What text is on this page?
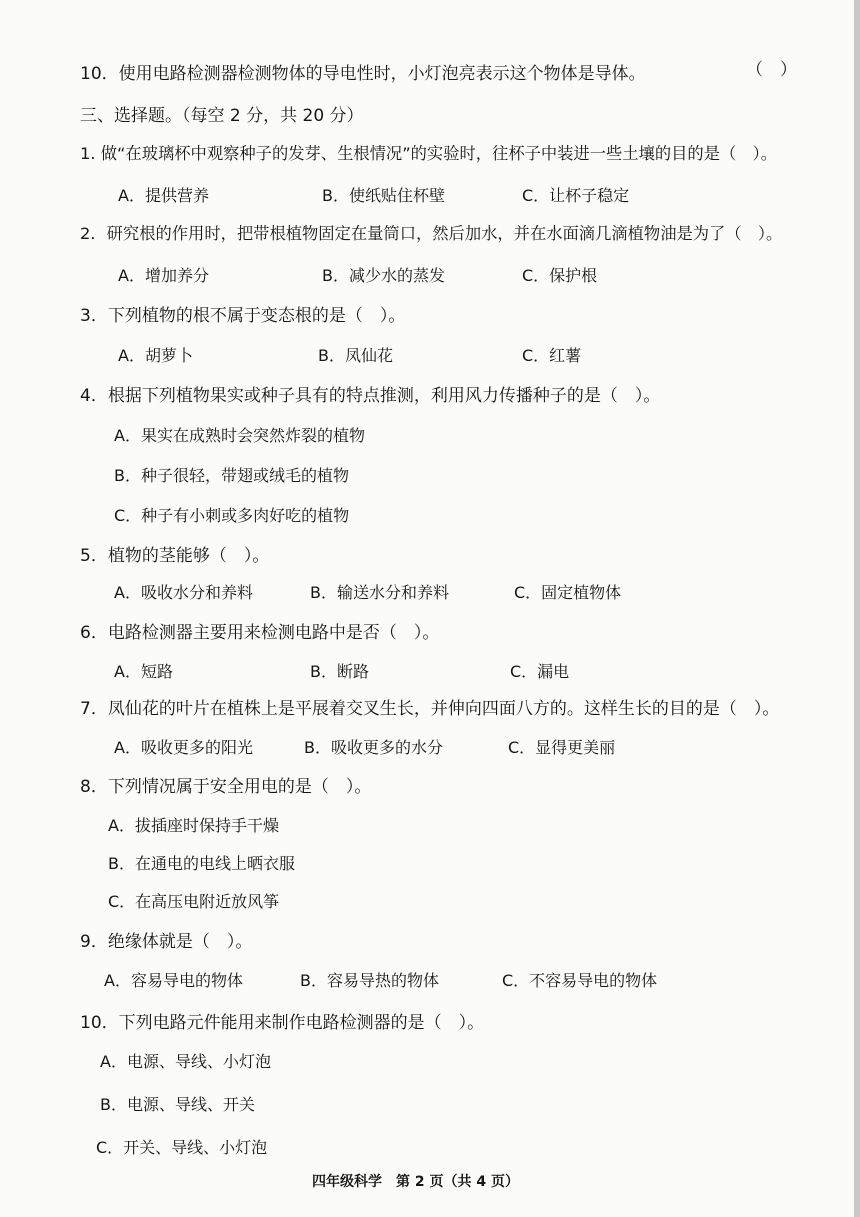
10．使用电路检测器检测物体的导电性时，小灯泡亮表示这个物体是导体。	（　）
三、选择题。（每空 2 分，共 20 分）
1. 做“在玻璃杯中观察种子的发芽、生根情况”的实验时，往杯子中装进一些土壤的目的是（　）。
A．提供营养	B．使纸贴住杯壁	C．让杯子稳定
2．研究根的作用时，把带根植物固定在量筒口，然后加水，并在水面滴几滴植物油是为了（　）。
A．增加养分	B．减少水的蒸发	C．保护根
3．下列植物的根不属于变态根的是（　）。
A．胡萝卜	B．凤仙花	C．红薯
4．根据下列植物果实或种子具有的特点推测，利用风力传播种子的是（　）。
A．果实在成熟时会突然炸裂的植物
B．种子很轻，带翅或绒毛的植物
C．种子有小刺或多肉好吃的植物
5．植物的茎能够（　）。
A．吸收水分和养料	B．输送水分和养料	C．固定植物体
6．电路检测器主要用来检测电路中是否（　）。
A．短路	B．断路	C．漏电
7．凤仙花的叶片在植株上是平展着交叉生长，并伸向四面八方的。这样生长的目的是（　）。
A．吸收更多的阳光	B．吸收更多的水分	C．显得更美丽
8．下列情况属于安全用电的是（　）。
A．拔插座时保持手干燥
B．在通电的电线上晒衣服
C．在高压电附近放风筝
9．绝缘体就是（　）。
A．容易导电的物体	B．容易导热的物体	C．不容易导电的物体
10．下列电路元件能用来制作电路检测器的是（　）。
A．电源、导线、小灯泡
B．电源、导线、开关
C．开关、导线、小灯泡
四年级科学　第 2 页（共 4 页）
